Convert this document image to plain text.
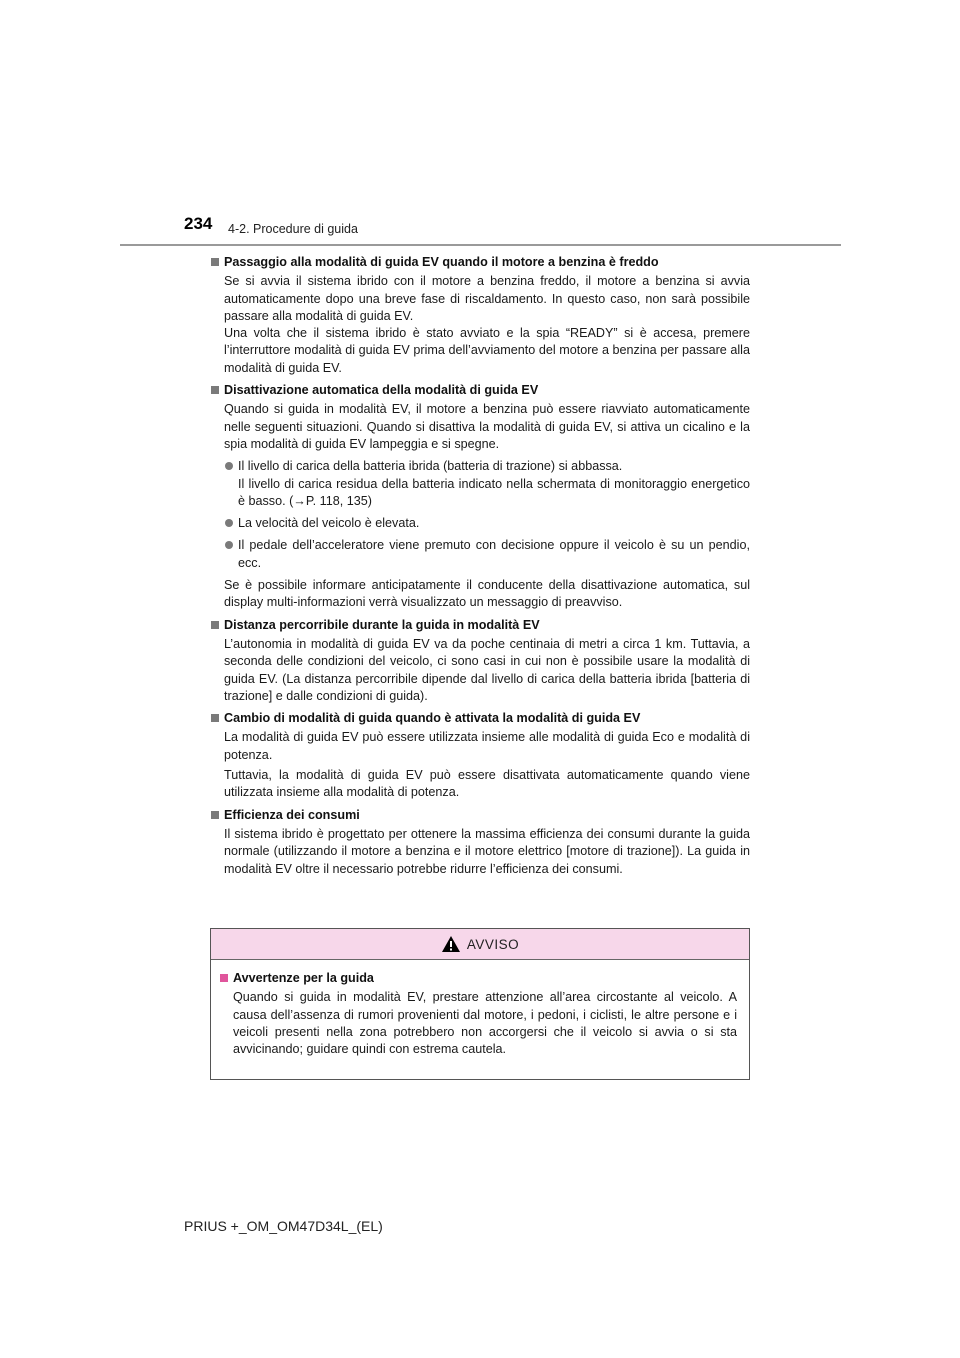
234 4-2. Procedure di guida

Passaggio alla modalità di guida EV quando il motore a benzina è freddo

Se si avvia il sistema ibrido con il motore a benzina freddo, il motore a benzina si avvia automaticamente dopo una breve fase di riscaldamento. In questo caso, non sarà possibile passare alla modalità di guida EV.

Una volta che il sistema ibrido è stato avviato e la spia “READY” si è accesa, premere l’interruttore modalità di guida EV prima dell’avviamento del motore a benzina per passare alla modalità di guida EV.

Disattivazione automatica della modalità di guida EV

Quando si guida in modalità EV, il motore a benzina può essere riavviato automaticamente nelle seguenti situazioni. Quando si disattiva la modalità di guida EV, si attiva un cicalino e la spia modalità di guida EV lampeggia e si spegne.

Il livello di carica della batteria ibrida (batteria di trazione) si abbassa.
Il livello di carica residua della batteria indicato nella schermata di monitoraggio energetico è basso. (→P. 118, 135)
La velocità del veicolo è elevata.
Il pedale dell’acceleratore viene premuto con decisione oppure il veicolo è su un pendio, ecc.

Se è possibile informare anticipatamente il conducente della disattivazione automatica, sul display multi-informazioni verrà visualizzato un messaggio di preavviso.

Distanza percorribile durante la guida in modalità EV

L’autonomia in modalità di guida EV va da poche centinaia di metri a circa 1 km. Tuttavia, a seconda delle condizioni del veicolo, ci sono casi in cui non è possibile usare la modalità di guida EV. (La distanza percorribile dipende dal livello di carica della batteria ibrida [batteria di trazione] e dalle condizioni di guida).

Cambio di modalità di guida quando è attivata la modalità di guida EV

La modalità di guida EV può essere utilizzata insieme alle modalità di guida Eco e modalità di potenza.

Tuttavia, la modalità di guida EV può essere disattivata automaticamente quando viene utilizzata insieme alla modalità di potenza.

Efficienza dei consumi

Il sistema ibrido è progettato per ottenere la massima efficienza dei consumi durante la guida normale (utilizzando il motore a benzina e il motore elettrico [motore di trazione]). La guida in modalità EV oltre il necessario potrebbe ridurre l’efficienza dei consumi.

AVVISO

Avvertenze per la guida

Quando si guida in modalità EV, prestare attenzione all’area circostante al veicolo. A causa dell’assenza di rumori provenienti dal motore, i pedoni, i ciclisti, le altre persone e i veicoli presenti nella zona potrebbero non accorgersi che il veicolo si avvia o si sta avvicinando; guidare quindi con estrema cautela.

PRIUS +_OM_OM47D34L_(EL)
